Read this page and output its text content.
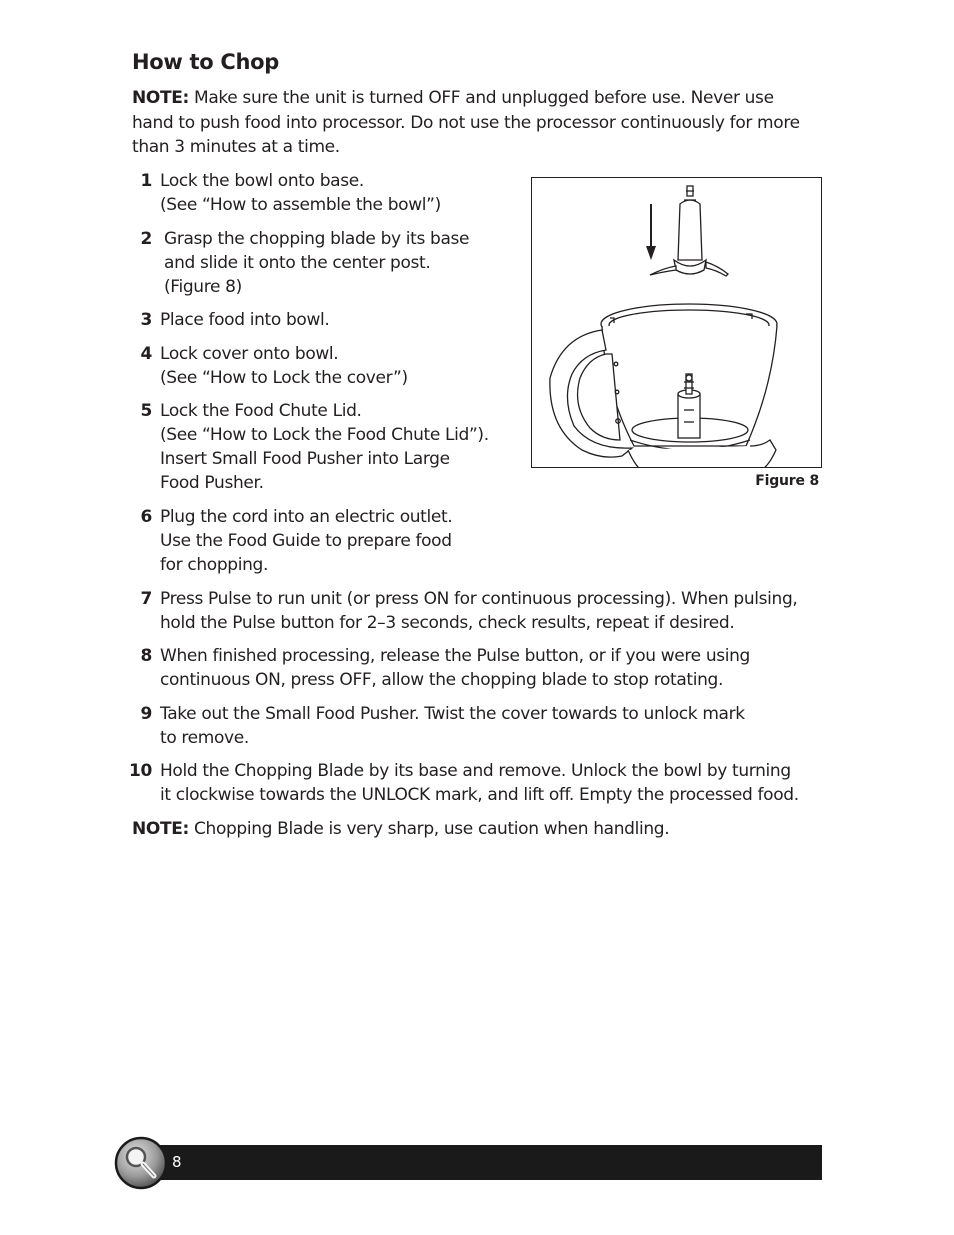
How to Chop
NOTE: Make sure the unit is turned OFF and unplugged before use. Never use
hand to push food into processor. Do not use the processor continuously for more
than 3 minutes at a time.
1 Lock the bowl onto base.
(See “How to assemble the bowl”)
2 Grasp the chopping blade by its base
and slide it onto the center post.
(Figure 8)
3 Place food into bowl.
4 Lock cover onto bowl.
(See “How to Lock the cover”)
5 Lock the Food Chute Lid.
(See “How to Lock the Food Chute Lid”).
Insert Small Food Pusher into Large
Food Pusher.
6 Plug the cord into an electric outlet.
Use the Food Guide to prepare food
for chopping.
7 Press Pulse to run unit (or press ON for continuous processing). When pulsing,
hold the Pulse button for 2–3 seconds, check results, repeat if desired.
8 When finished processing, release the Pulse button, or if you were using
continuous ON, press OFF, allow the chopping blade to stop rotating.
9 Take out the Small Food Pusher. Twist the cover towards to unlock mark
to remove.
10 Hold the Chopping Blade by its base and remove. Unlock the bowl by turning
it clockwise towards the UNLOCK mark, and lift off. Empty the processed food.
NOTE: Chopping Blade is very sharp, use caution when handling.
Figure 8
8
